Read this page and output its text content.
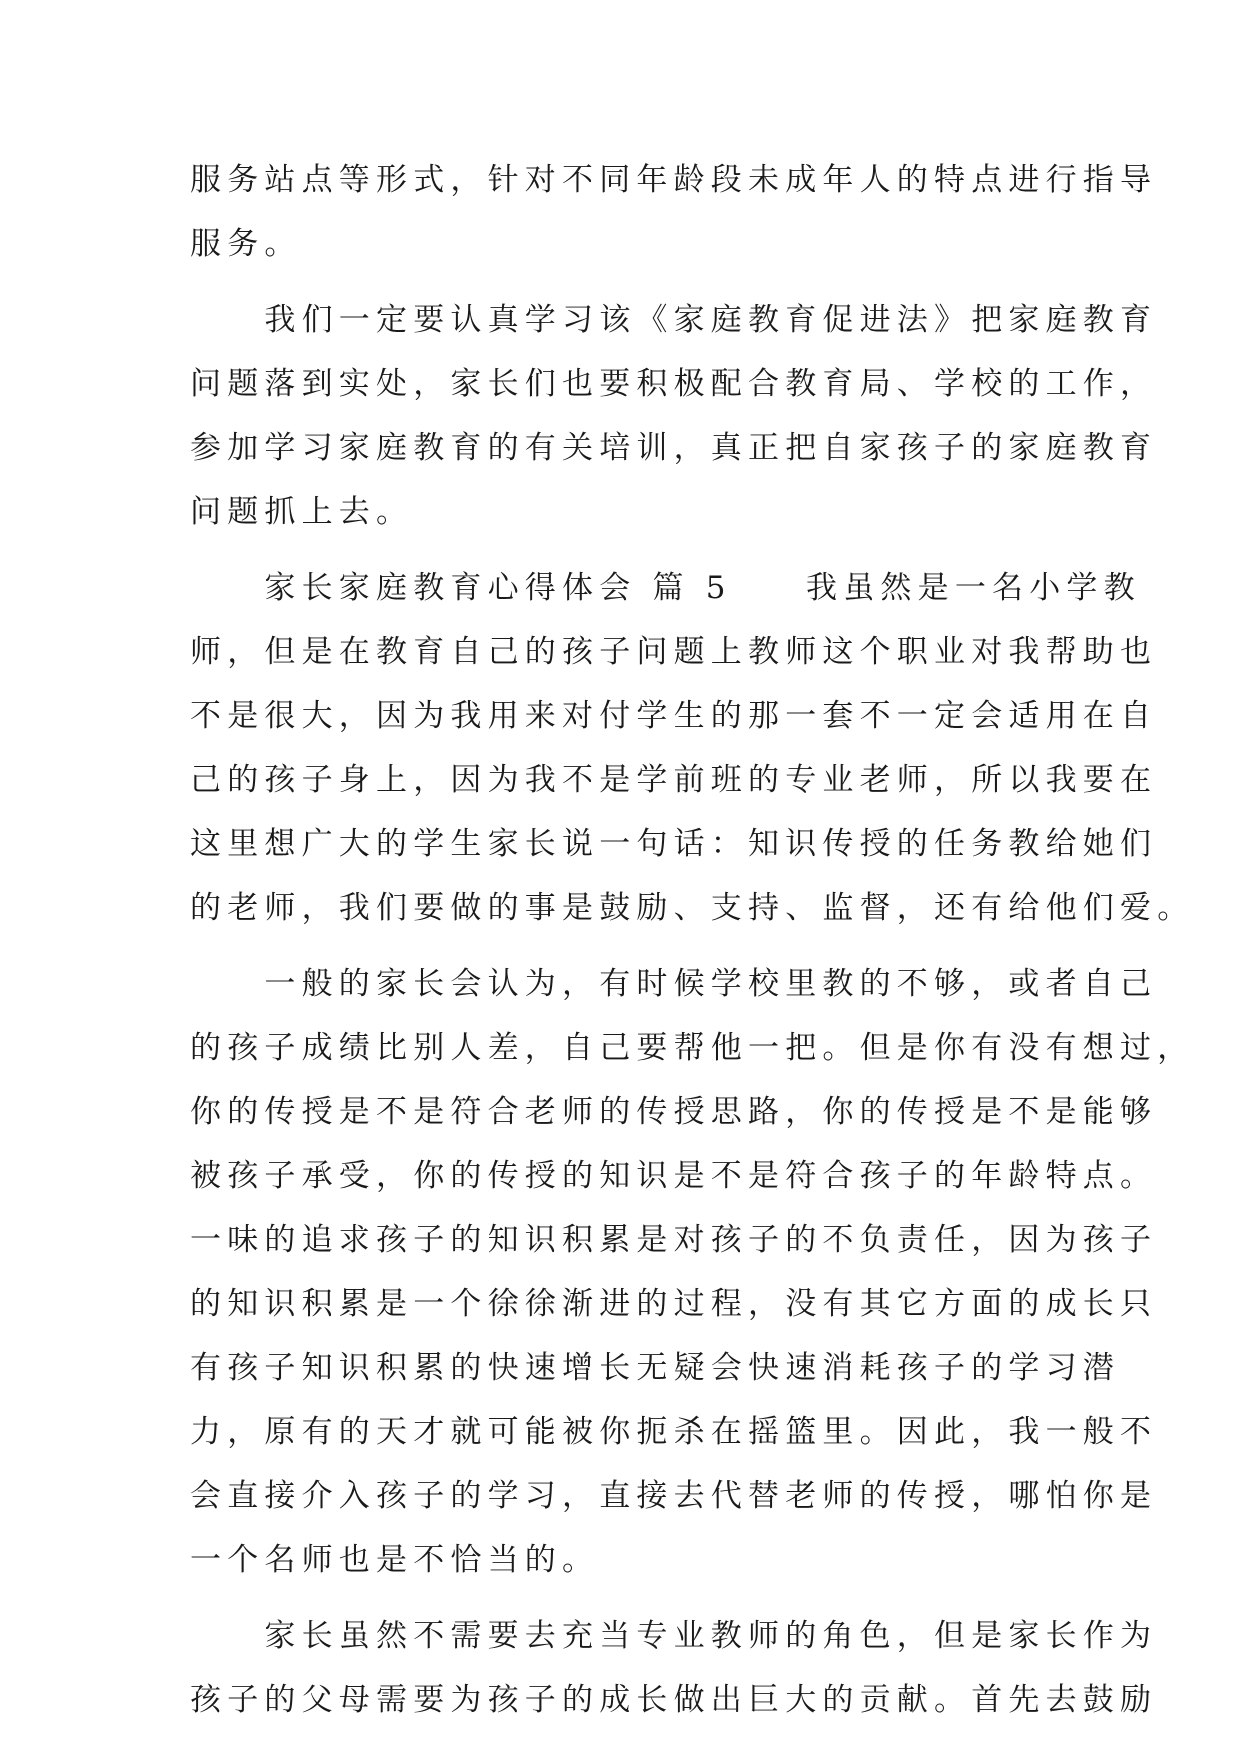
服务站点等形式，针对不同年龄段未成年人的特点进行指导
服务。
　　我们一定要认真学习该《家庭教育促进法》把家庭教育
问题落到实处，家长们也要积极配合教育局、学校的工作，
参加学习家庭教育的有关培训，真正把自家孩子的家庭教育
问题抓上去。
　　家长家庭教育心得体会 篇 5　　我虽然是一名小学教
师，但是在教育自己的孩子问题上教师这个职业对我帮助也
不是很大，因为我用来对付学生的那一套不一定会适用在自
己的孩子身上，因为我不是学前班的专业老师，所以我要在
这里想广大的学生家长说一句话：知识传授的任务教给她们
的老师，我们要做的事是鼓励、支持、监督，还有给他们爱。
　　一般的家长会认为，有时候学校里教的不够，或者自己
的孩子成绩比别人差，自己要帮他一把。但是你有没有想过，
你的传授是不是符合老师的传授思路，你的传授是不是能够
被孩子承受，你的传授的知识是不是符合孩子的年龄特点。
一味的追求孩子的知识积累是对孩子的不负责任，因为孩子
的知识积累是一个徐徐渐进的过程，没有其它方面的成长只
有孩子知识积累的快速增长无疑会快速消耗孩子的学习潜
力，原有的天才就可能被你扼杀在摇篮里。因此，我一般不
会直接介入孩子的学习，直接去代替老师的传授，哪怕你是
一个名师也是不恰当的。
　　家长虽然不需要去充当专业教师的角色，但是家长作为
孩子的父母需要为孩子的成长做出巨大的贡献。首先去鼓励
